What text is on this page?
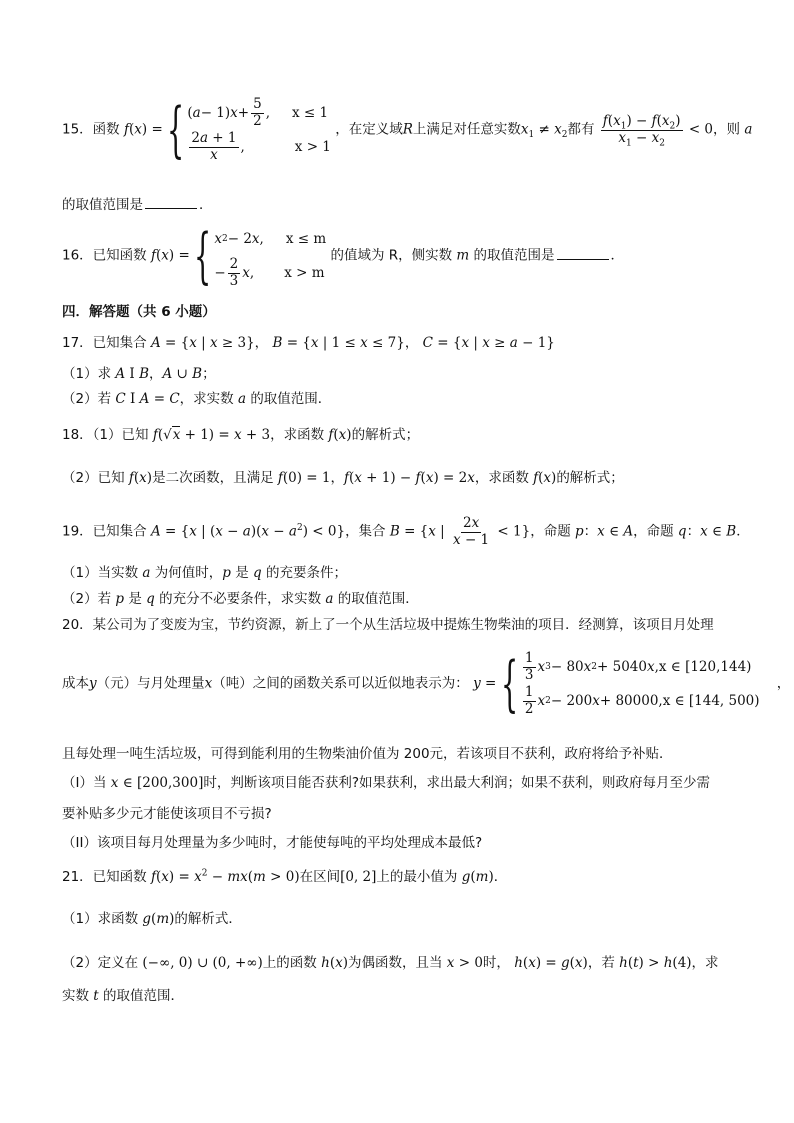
15．函数 f(x) = { ( a − 1) $x + \frac{5}{2}$ , x ≤ 1
$\frac{2a + 1}{x}$ ,	x > 1
，在定义域R上满足对任意实数$x_1 \ne x_2$都有 $\frac{f(x_1) - f(x_2)}{x_1 - x_2} < 0$，则 a
的取值范围是	．
16．已知函数 f(x) = { x 2 − 2 x , x ≤ m
− $\frac{2}{3}$ x , x > m
的值域为 R，侧实数 m 的取值范围是	．
四．解答题（共 6 小题）
17．已知集合 A = {x | x ≥ 3}， B = {x | 1 ≤ x ≤ 7}， C = {x | x ≥ a − 1}
（1）求 A I B，A ∪ B；
（2）若 C I A = C，求实数 a 的取值范围．
18．（1）已知 f(√x + 1) = x + 3，求函数 f(x)的解析式；
（2）已知 f(x)是二次函数，且满足 f(0) = 1，f(x + 1) − f(x) = 2x，求函数 f(x)的解析式；
19．已知集合 A = {x | $(x - a)(x - a^2) < 0$}，集合 B = {x | $\frac{2x}{x - 1} < 1$}，命题 p：x ∈ A，命题 q：x ∈ B．
（1）当实数 a 为何值时，p 是 q 的充要条件；
（2）若 p 是 q 的充分不必要条件，求实数 a 的取值范围．
20．某公司为了变废为宝，节约资源，新上了一个从生活垃圾中提炼生物柴油的项目．经测算，该项目月处理
成本y（元）与月处理量x（吨）之间的函数关系可以近似地表示为： y = { $\frac{1}{3}$ x 3 − 80 x 2 + 5040 x , x ∈ [120,144)
$\frac{1}{2}$ x 2 − 200 x + 80000, x ∈ [144, 500)
，
且每处理一吨生活垃圾，可得到能利用的生物柴油价值为 200元，若该项目不获利，政府将给予补贴．
（I）当 x ∈ [200,300]时，判断该项目能否获利?如果获利，求出最大利润；如果不获利，则政府每月至少需
要补贴多少元才能使该项目不亏损?
（II）该项目每月处理量为多少吨时，才能使每吨的平均处理成本最低?
21．已知函数 $f(x) = x^2 - mx(m > 0)$在区间[0, 2]上的最小值为 g(m)．
（1）求函数 g(m)的解析式．
（2）定义在 (−∞, 0) ∪ (0, +∞)上的函数 h(x)为偶函数，且当 x > 0时， h(x) = g(x)，若 h(t) > h(4)，求
实数 t 的取值范围．
